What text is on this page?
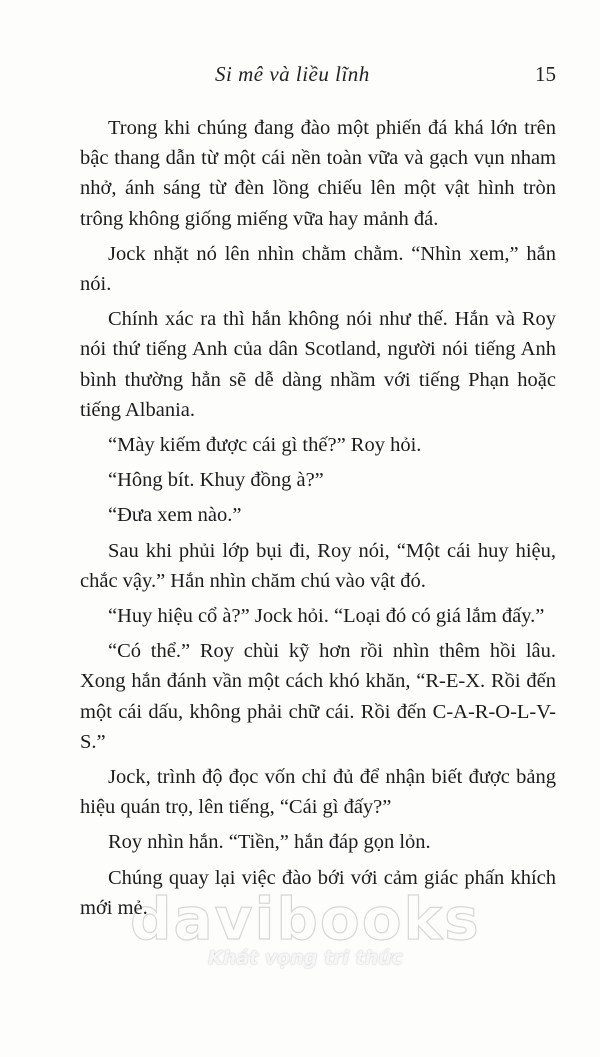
Si mê và liều lĩnh	15

Trong khi chúng đang đào một phiến đá khá lớn trên bậc thang dẫn từ một cái nền toàn vữa và gạch vụn nham nhở, ánh sáng từ đèn lồng chiếu lên một vật hình tròn trông không giống miếng vữa hay mảnh đá.

Jock nhặt nó lên nhìn chằm chằm. “Nhìn xem,” hắn nói.

Chính xác ra thì hắn không nói như thế. Hắn và Roy nói thứ tiếng Anh của dân Scotland, người nói tiếng Anh bình thường hẳn sẽ dễ dàng nhầm với tiếng Phạn hoặc tiếng Albania.

“Mày kiếm được cái gì thế?” Roy hỏi.

“Hông bít. Khuy đồng à?”

“Đưa xem nào.”

Sau khi phủi lớp bụi đi, Roy nói, “Một cái huy hiệu, chắc vậy.” Hắn nhìn chăm chú vào vật đó.

“Huy hiệu cổ à?” Jock hỏi. “Loại đó có giá lắm đấy.”

“Có thể.” Roy chùi kỹ hơn rồi nhìn thêm hồi lâu. Xong hắn đánh vần một cách khó khăn, “R-E-X. Rồi đến một cái dấu, không phải chữ cái. Rồi đến C-A-R-O-L-V-S.”

Jock, trình độ đọc vốn chỉ đủ để nhận biết được bảng hiệu quán trọ, lên tiếng, “Cái gì đấy?”

Roy nhìn hắn. “Tiền,” hắn đáp gọn lỏn.

Chúng quay lại việc đào bới với cảm giác phấn khích mới mẻ.

davibooks
Khát vọng tri thức
